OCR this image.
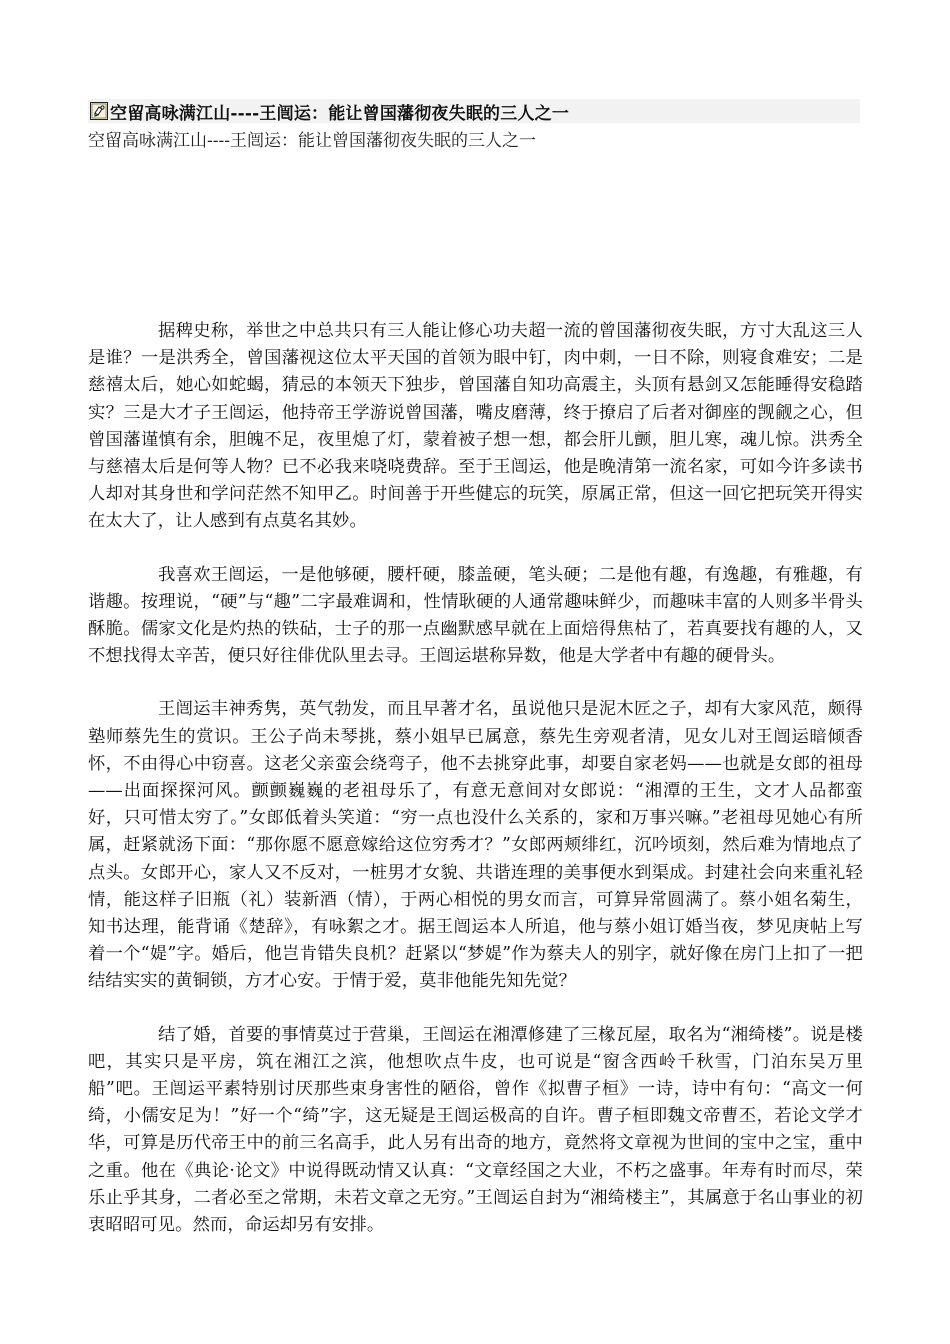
空留高咏满江山----王闿运：能让曾国藩彻夜失眠的三人之一
空留高咏满江山----王闿运：能让曾国藩彻夜失眠的三人之一

据稗史称，举世之中总共只有三人能让修心功夫超一流的曾国藩彻夜失眠，方寸大乱这三人是谁？一是洪秀全，曾国藩视这位太平天国的首领为眼中钉，肉中刺，一日不除，则寝食难安；二是慈禧太后，她心如蛇蝎，猜忌的本领天下独步，曾国藩自知功高震主，头顶有悬剑又怎能睡得安稳踏实？三是大才子王闿运，他持帝王学游说曾国藩，嘴皮磨薄，终于撩启了后者对御座的觊觎之心，但曾国藩谨慎有余，胆魄不足，夜里熄了灯，蒙着被子想一想，都会肝儿颤，胆儿寒，魂儿惊。洪秀全与慈禧太后是何等人物？已不必我来哓哓费辞。至于王闿运，他是晚清第一流名家，可如今许多读书人却对其身世和学问茫然不知甲乙。时间善于开些健忘的玩笑，原属正常，但这一回它把玩笑开得实在太大了，让人感到有点莫名其妙。

我喜欢王闿运，一是他够硬，腰杆硬，膝盖硬，笔头硬；二是他有趣，有逸趣，有雅趣，有谐趣。按理说，“硬”与“趣”二字最难调和，性情耿硬的人通常趣味鲜少，而趣味丰富的人则多半骨头酥脆。儒家文化是灼热的铁砧，士子的那一点幽默感早就在上面焙得焦枯了，若真要找有趣的人，又不想找得太辛苦，便只好往俳优队里去寻。王闿运堪称异数，他是大学者中有趣的硬骨头。

王闿运丰神秀隽，英气勃发，而且早著才名，虽说他只是泥木匠之子，却有大家风范，颇得塾师蔡先生的赏识。王公子尚未琴挑，蔡小姐早已属意，蔡先生旁观者清，见女儿对王闿运暗倾香怀，不由得心中窃喜。这老父亲蛮会绕弯子，他不去挑穿此事，却要自家老妈——也就是女郎的祖母——出面探探河风。颤颤巍巍的老祖母乐了，有意无意间对女郎说：“湘潭的王生，文才人品都蛮好，只可惜太穷了。”女郎低着头笑道：“穷一点也没什么关系的，家和万事兴嘛。”老祖母见她心有所属，赶紧就汤下面：“那你愿不愿意嫁给这位穷秀才？”女郎两颊绯红，沉吟顷刻，然后难为情地点了点头。女郎开心，家人又不反对，一桩男才女貌、共谐连理的美事便水到渠成。封建社会向来重礼轻情，能这样子旧瓶（礼）装新酒（情），于两心相悦的男女而言，可算异常圆满了。蔡小姐名菊生，知书达理，能背诵《楚辞》，有咏絮之才。据王闿运本人所追，他与蔡小姐订婚当夜，梦见庚帖上写着一个“媞”字。婚后，他岂肯错失良机？赶紧以“梦媞”作为蔡夫人的别字，就好像在房门上扣了一把结结实实的黄铜锁，方才心安。于情于爱，莫非他能先知先觉？

结了婚，首要的事情莫过于营巢，王闿运在湘潭修建了三椽瓦屋，取名为“湘绮楼”。说是楼吧，其实只是平房，筑在湘江之滨，他想吹点牛皮，也可说是“窗含西岭千秋雪，门泊东吴万里船”吧。王闿运平素特别讨厌那些束身害性的陋俗，曾作《拟曹子桓》一诗，诗中有句：“高文一何绮，小儒安足为！”好一个“绮”字，这无疑是王闿运极高的自许。曹子桓即魏文帝曹丕，若论文学才华，可算是历代帝王中的前三名高手，此人另有出奇的地方，竟然将文章视为世间的宝中之宝，重中之重。他在《典论·论文》中说得既动情又认真：“文章经国之大业，不朽之盛事。年寿有时而尽，荣乐止乎其身，二者必至之常期，未若文章之无穷。”王闿运自封为“湘绮楼主”，其属意于名山事业的初衷昭昭可见。然而，命运却另有安排。
